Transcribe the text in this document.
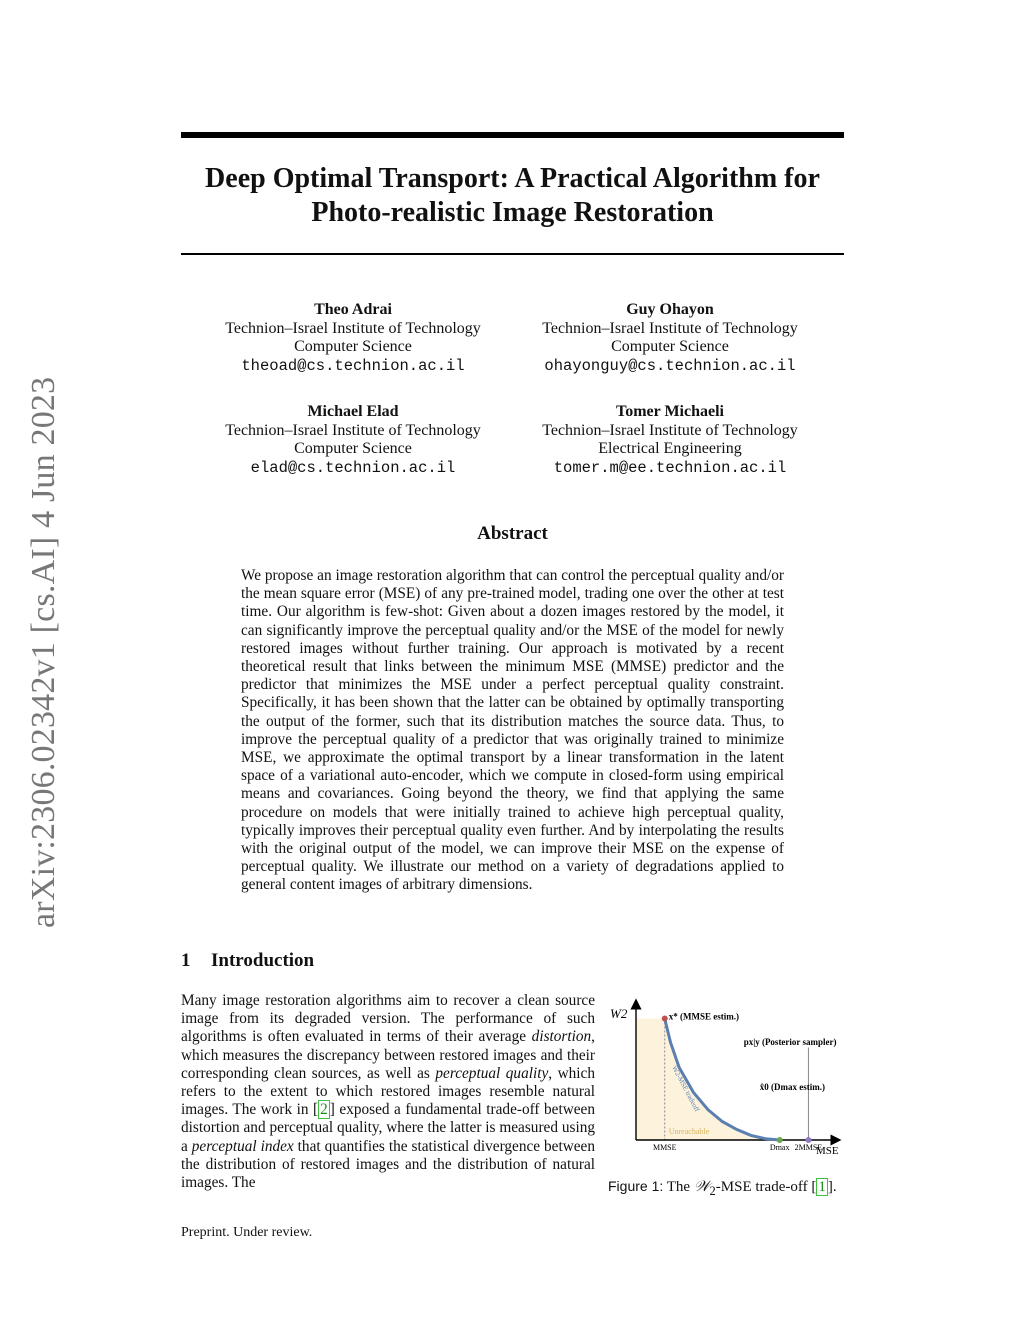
arXiv:2306.02342v1 [cs.AI] 4 Jun 2023
Deep Optimal Transport: A Practical Algorithm for
Photo-realistic Image Restoration
Theo Adrai
Technion–Israel Institute of Technology
Computer Science
theoad@cs.technion.ac.il
Guy Ohayon
Technion–Israel Institute of Technology
Computer Science
ohayonguy@cs.technion.ac.il
Michael Elad
Technion–Israel Institute of Technology
Computer Science
elad@cs.technion.ac.il
Tomer Michaeli
Technion–Israel Institute of Technology
Electrical Engineering
tomer.m@ee.technion.ac.il
Abstract
We propose an image restoration algorithm that can control the perceptual quality and/or the mean square error (MSE) of any pre-trained model, trading one over the other at test time. Our algorithm is few-shot: Given about a dozen images restored by the model, it can significantly improve the perceptual quality and/or the MSE of the model for newly restored images without further training. Our approach is motivated by a recent theoretical result that links between the minimum MSE (MMSE) predictor and the predictor that minimizes the MSE under a perfect perceptual quality constraint. Specifically, it has been shown that the latter can be obtained by optimally transporting the output of the former, such that its distribution matches the source data. Thus, to improve the perceptual quality of a predictor that was originally trained to minimize MSE, we approximate the optimal transport by a linear transformation in the latent space of a variational auto-encoder, which we compute in closed-form using empirical means and covariances. Going beyond the theory, we find that applying the same procedure on models that were initially trained to achieve high perceptual quality, typically improves their perceptual quality even further. And by interpolating the results with the original output of the model, we can improve their MSE on the expense of perceptual quality. We illustrate our method on a variety of degradations applied to general content images of arbitrary dimensions.
1 Introduction
Many image restoration algorithms aim to recover a clean source image from its degraded version. The performance of such algorithms is often evaluated in terms of their average distortion, which measures the discrepancy between restored images and their corresponding clean sources, as well as perceptual quality, which refers to the extent to which restored images resemble natural images. The work in [ 2 ] exposed a fundamental trade-off between distortion and perceptual quality, where the latter is measured using a perceptual index that quantifies the statistical divergence between the distribution of restored images and the distribution of natural images. The
W2
MSE
W2-MSE tradeoff
Unreachable
MMSE	Dmax 2MMSE
x* (MMSE estim.)
x̂0 (Dmax estim.)
px|y (Posterior sampler)
Figure 1: The 𝒲$_2$-MSE trade-off [ 1 ].
Preprint. Under review.
